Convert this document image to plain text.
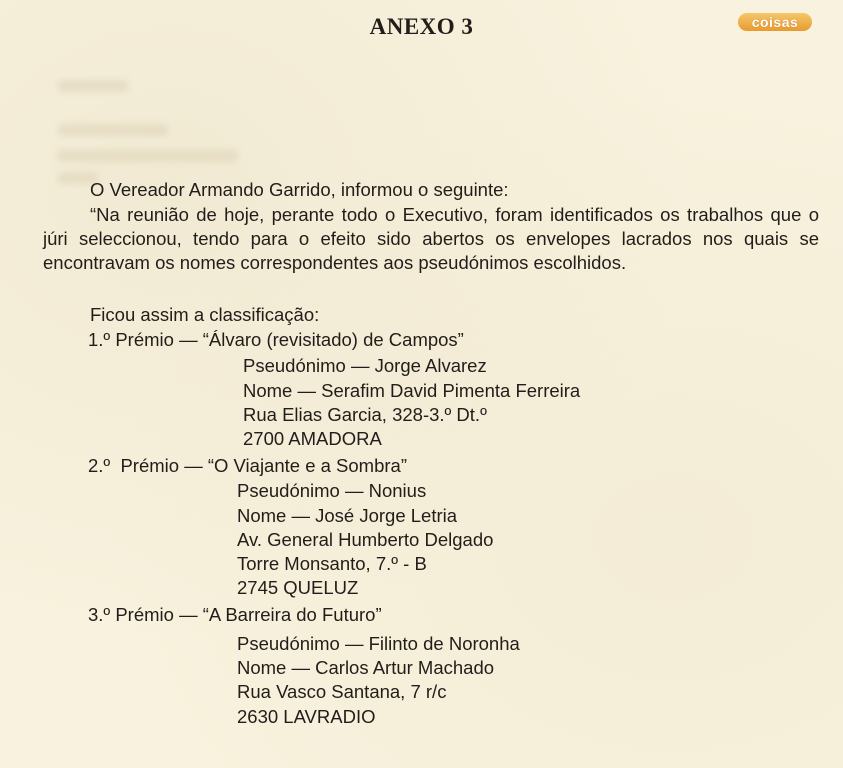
ANEXO 3	coisas
O Vereador Armando Garrido, informou o seguinte:
“Na reunião de hoje, perante todo o Executivo, foram identificados os trabalhos que o júri seleccionou, tendo para o efeito sido abertos os envelopes lacrados nos quais se encontravam os nomes correspondentes aos pseudónimos escolhidos.
Ficou assim a classificação:
1.º Prémio — “Álvaro (revisitado) de Campos”
Pseudónimo — Jorge Alvarez
Nome — Serafim David Pimenta Ferreira
Rua Elias Garcia, 328-3.º Dt.º
2700 AMADORA
2.º  Prémio — “O Viajante e a Sombra”
Pseudónimo — Nonius
Nome — José Jorge Letria
Av. General Humberto Delgado
Torre Monsanto, 7.º - B
2745 QUELUZ
3.º Prémio — “A Barreira do Futuro”
Pseudónimo — Filinto de Noronha
Nome — Carlos Artur Machado
Rua Vasco Santana, 7 r/c
2630 LAVRADIO
